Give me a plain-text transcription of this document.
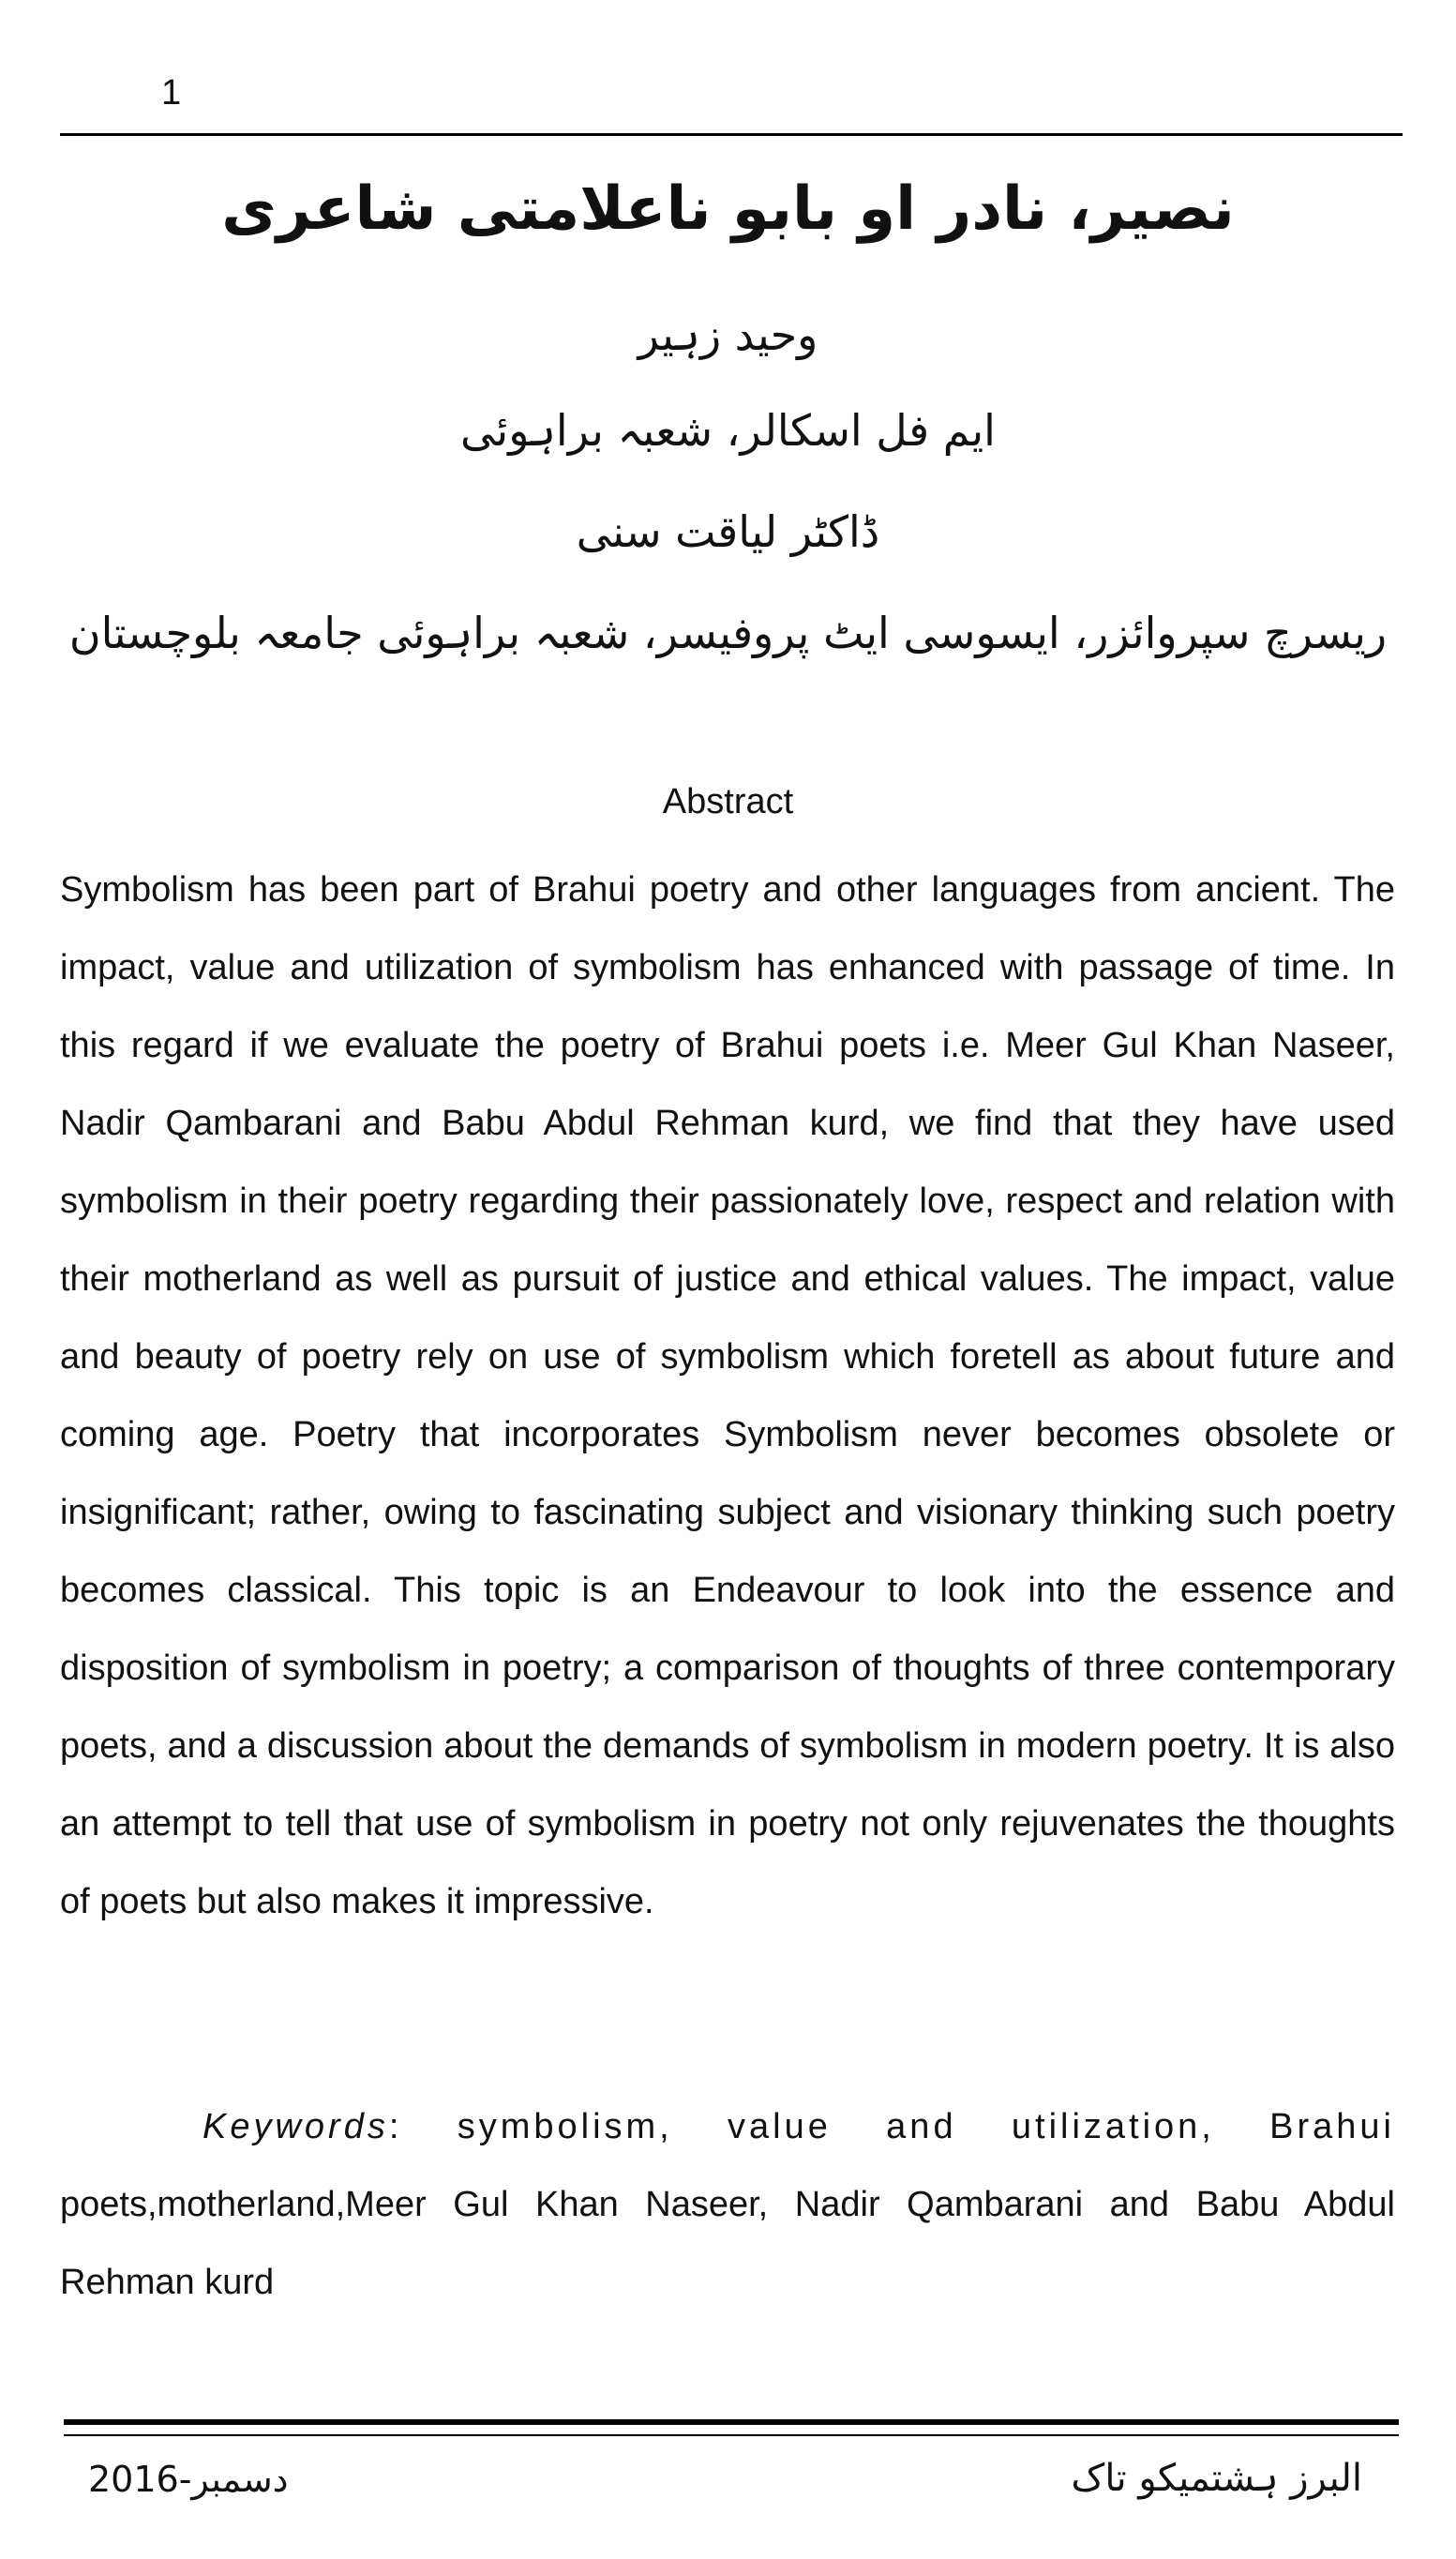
1
نصیر، نادر او بابو ناعلامتی شاعری
وحید زہیر
ایم فل اسکالر، شعبہ براہوئی
ڈاکٹر لیاقت سنی
ریسرچ سپروائزر، ایسوسی ایٹ پروفیسر، شعبہ براہوئی جامعہ بلوچستان
Abstract

Symbolism has been part of Brahui poetry and other languages from ancient. The impact, value and utilization of symbolism has enhanced with passage of time. In this regard if we evaluate the poetry of Brahui poets i.e. Meer Gul Khan Naseer, Nadir Qambarani and Babu Abdul Rehman kurd, we find that they have used symbolism in their poetry regarding their passionately love, respect and relation with their motherland as well as pursuit of justice and ethical values. The impact, value and beauty of poetry rely on use of symbolism which foretell as about future and coming age. Poetry that incorporates Symbolism never becomes obsolete or insignificant; rather, owing to fascinating subject and visionary thinking such poetry becomes classical. This topic is an Endeavour to look into the essence and disposition of symbolism in poetry; a comparison of thoughts of three contemporary poets, and a discussion about the demands of symbolism in modern poetry. It is also an attempt to tell that use of symbolism in poetry not only rejuvenates the thoughts of poets but also makes it impressive.

Keywords: symbolism, value and utilization, Brahui poets,motherland,Meer Gul Khan Naseer, Nadir Qambarani and Babu Abdul Rehman kurd

دسمبر-2016	البرز ہشتمیکو تاک
